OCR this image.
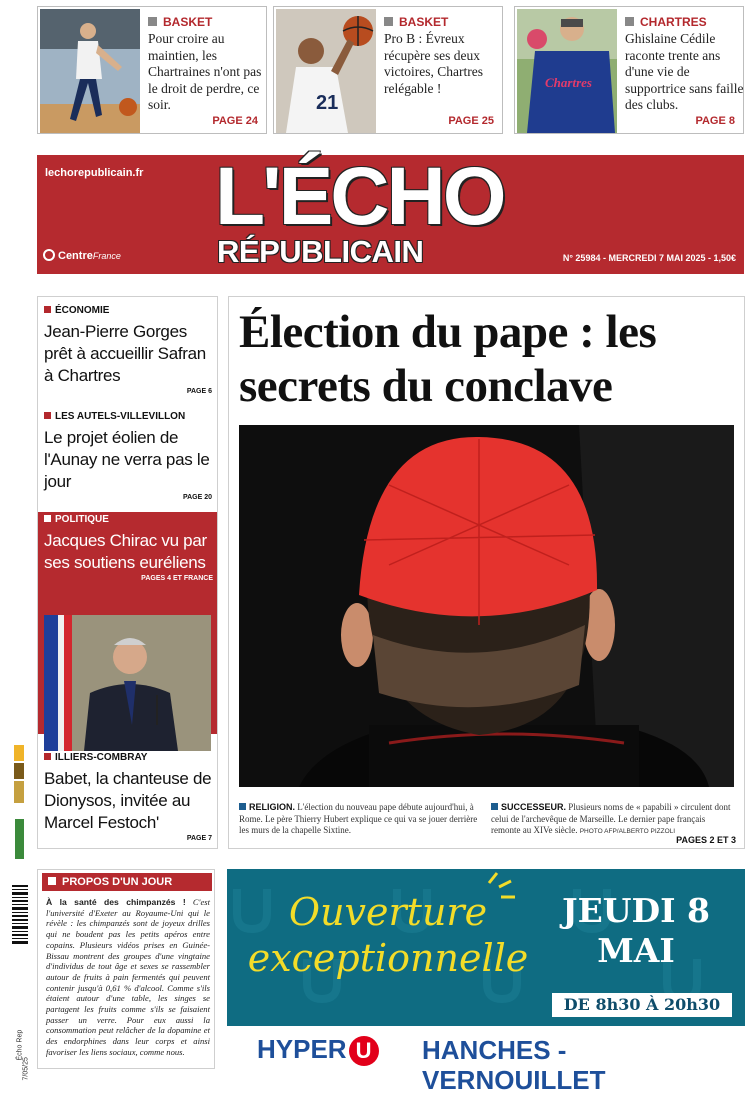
BASKET
Pour croire au maintien, les Chartraines n'ont pas le droit de perdre, ce soir.
PAGE 24
21
BASKET
Pro B : Évreux récupère ses deux victoires, Chartres relégable !
PAGE 25
Chartres
CHARTRES
Ghislaine Cédile raconte trente ans d'une vie de supportrice sans faille des clubs.
PAGE 8
lechorepublicain.fr L'ÉCHO
RÉPUBLICAIN
CentreFrance	N° 25984 - MERCREDI 7 MAI 2025 - 1,50€
ÉCONOMIE
Jean-Pierre Gorges prêt à accueillir Safran à Chartres
PAGE 6
LES AUTELS-VILLEVILLON
Le projet éolien de l'Aunay ne verra pas le jour
PAGE 20
POLITIQUE
Jacques Chirac vu par ses soutiens euréliens
PAGES 4 ET FRANCE
ILLIERS-COMBRAY
Babet, la chanteuse de Dionysos, invitée au Marcel Festoch'
PAGE 7
Élection du pape : les secrets du conclave
RELIGION. L'élection du nouveau pape débute aujourd'hui, à Rome. Le père Thierry Hubert explique ce qui va se jouer derrière les murs de la chapelle Sixtine.
SUCCESSEUR. Plusieurs noms de « papabili » circulent dont celui de l'archevêque de Marseille. Le dernier pape français remonte au XIVe siècle. PHOTO AFP/ALBERTO PIZZOLI
PAGES 2 ET 3
Écho Rep
7/05/25
PROPOS D'UN JOUR
À la santé des chimpanzés ! C'est l'université d'Exeter au Royaume-Uni qui le révèle : les chimpanzés sont de joyeux drilles qui ne boudent pas les petits apéros entre copains. Plusieurs vidéos prises en Guinée-Bissau montrent des groupes d'une vingtaine d'individus de tout âge et sexes se rassembler autour de fruits à pain fermentés qui peuvent contenir jusqu'à 0,61 % d'alcool. Comme s'ils étaient autour d'une table, les singes se partagent les fruits comme s'ils se faisaient passer un verre. Pour eux aussi la consommation peut relâcher de la dopamine et des endorphines dans leur corps et ainsi favoriser les liens sociaux, comme nous.
Ouverture
exceptionnelle
JEUDI 8
MAI
DE 8h30 À 20h30
HYPER U	HANCHES - VERNOUILLET
